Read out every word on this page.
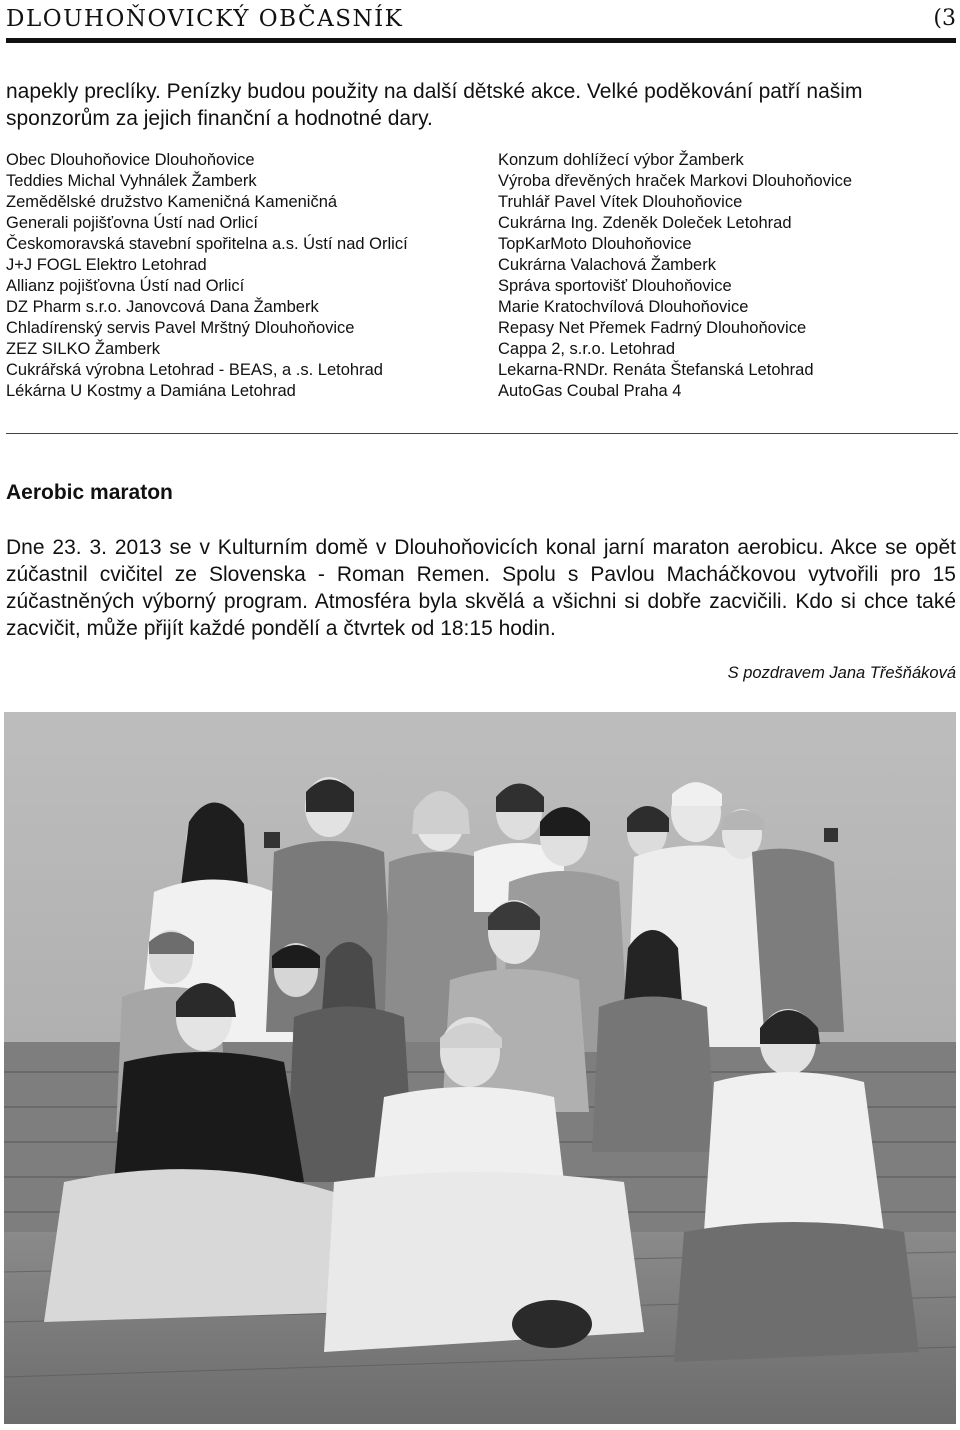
DLOUHOŇOVICKÝ OBČASNÍK	(3

napekly preclíky. Penízky budou použity na další dětské akce. Velké poděkování patří našim sponzorům za jejich finanční a hodnotné dary.

Obec Dlouhoňovice Dlouhoňovice
Teddies Michal Vyhnálek Žamberk
Zemědělské družstvo Kameničná Kameničná
Generali pojišťovna Ústí nad Orlicí
Českomoravská stavební spořitelna a.s. Ústí nad Orlicí
J+J FOGL Elektro Letohrad
Allianz pojišťovna Ústí nad Orlicí
DZ Pharm s.r.o. Janovcová Dana Žamberk
Chladírenský servis Pavel Mrštný Dlouhoňovice
ZEZ SILKO Žamberk
Cukrářská výrobna Letohrad - BEAS, a .s. Letohrad
Lékárna U Kostmy a Damiána Letohrad
Konzum dohlížecí výbor Žamberk
Výroba dřevěných hraček Markovi Dlouhoňovice
Truhlář Pavel Vítek Dlouhoňovice
Cukrárna Ing. Zdeněk Doleček Letohrad
TopKarMoto Dlouhoňovice
Cukrárna Valachová Žamberk
Správa sportovišť Dlouhoňovice
Marie Kratochvílová Dlouhoňovice
Repasy Net Přemek Fadrný Dlouhoňovice
Cappa 2, s.r.o. Letohrad
Lekarna-RNDr. Renáta Štefanská Letohrad
AutoGas Coubal Praha 4
Aerobic maraton

Dne 23. 3. 2013 se v Kulturním domě v Dlouhoňovicích konal jarní maraton aerobicu. Akce se opět zúčastnil cvičitel ze Slovenska - Roman Remen. Spolu s Pavlou Macháčkovou vytvořili pro 15 zúčastněných výborný program. Atmosféra byla skvělá a všichni si dobře zacvičili. Kdo si chce také zacvičit, může přijít každé pondělí a čtvrtek od 18:15 hodin.

S pozdravem Jana Třešňáková
